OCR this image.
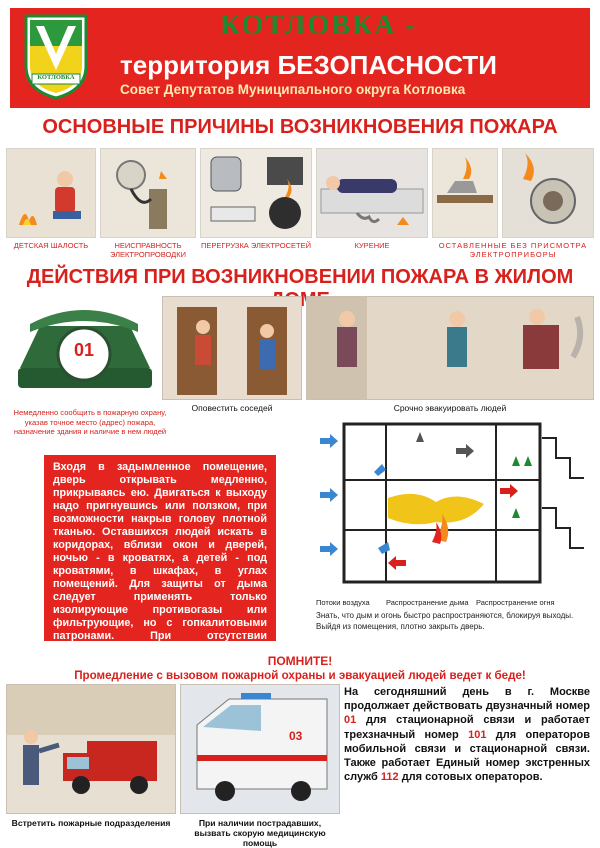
КОТЛОВКА
КОТЛОВКА -
территория БЕЗОПАСНОСТИ
Совет Депутатов Муниципального округа Котловка
ОСНОВНЫЕ ПРИЧИНЫ ВОЗНИКНОВЕНИЯ ПОЖАРА
ДЕТСКАЯ ШАЛОСТЬ	НЕИСПРАВНОСТЬ ЭЛЕКТРОПРОВОДКИ
ПЕРЕГРУЗКА ЭЛЕКТРОСЕТЕЙ	КУРЕНИЕ	ОСТАВЛЕННЫЕ БЕЗ ПРИСМОТРА ЭЛЕКТРОПРИБОРЫ
ДЕЙСТВИЯ ПРИ ВОЗНИКНОВЕНИИ ПОЖАРА В ЖИЛОМ
01
Немедленно сообщить в пожарную охрану, указав точное место (адрес) пожара, назначение здания и наличие в нем людей
Оповестить соседей	Срочно эвакуировать людей
Входя в задымленное помещение, дверь открывать медленно, прикрываясь ею. Двигаться к выходу надо пригнувшись или ползком, при возможности накрыв голову плотной тканью. Оставшихся людей искать в коридорах, вблизи окон и дверей, ночью - в кроватях, а детей - под кроватями, в шкафах, в углах помещений. Для защиты от дыма следует применять только изолирующие противогазы или фильтрующие, но с гопкалитовыми патронами. При отсутствии противогаза можно использовать влажные повязки.
Потоки воздуха Распространение дыма Распространение огня
Знать, что дым и огонь быстро распространяются, блокируя выходы. Выйдя из помещения, плотно закрыть дверь.
ПОМНИТЕ!
Промедление с вызовом пожарной охраны и эвакуацией людей ведет к беде!
03
Встретить пожарные подразделения	При наличии пострадавших, вызвать скорую медицинскую помощь
На сегодняшний день в г. Москве продолжает действовать двузначный номер 01 для стационарной связи и работает трехзначный номер 101 для операторов мобильной связи и стационарной связи. Также работает Единый номер экстренных служб 112 для сотовых операторов.
